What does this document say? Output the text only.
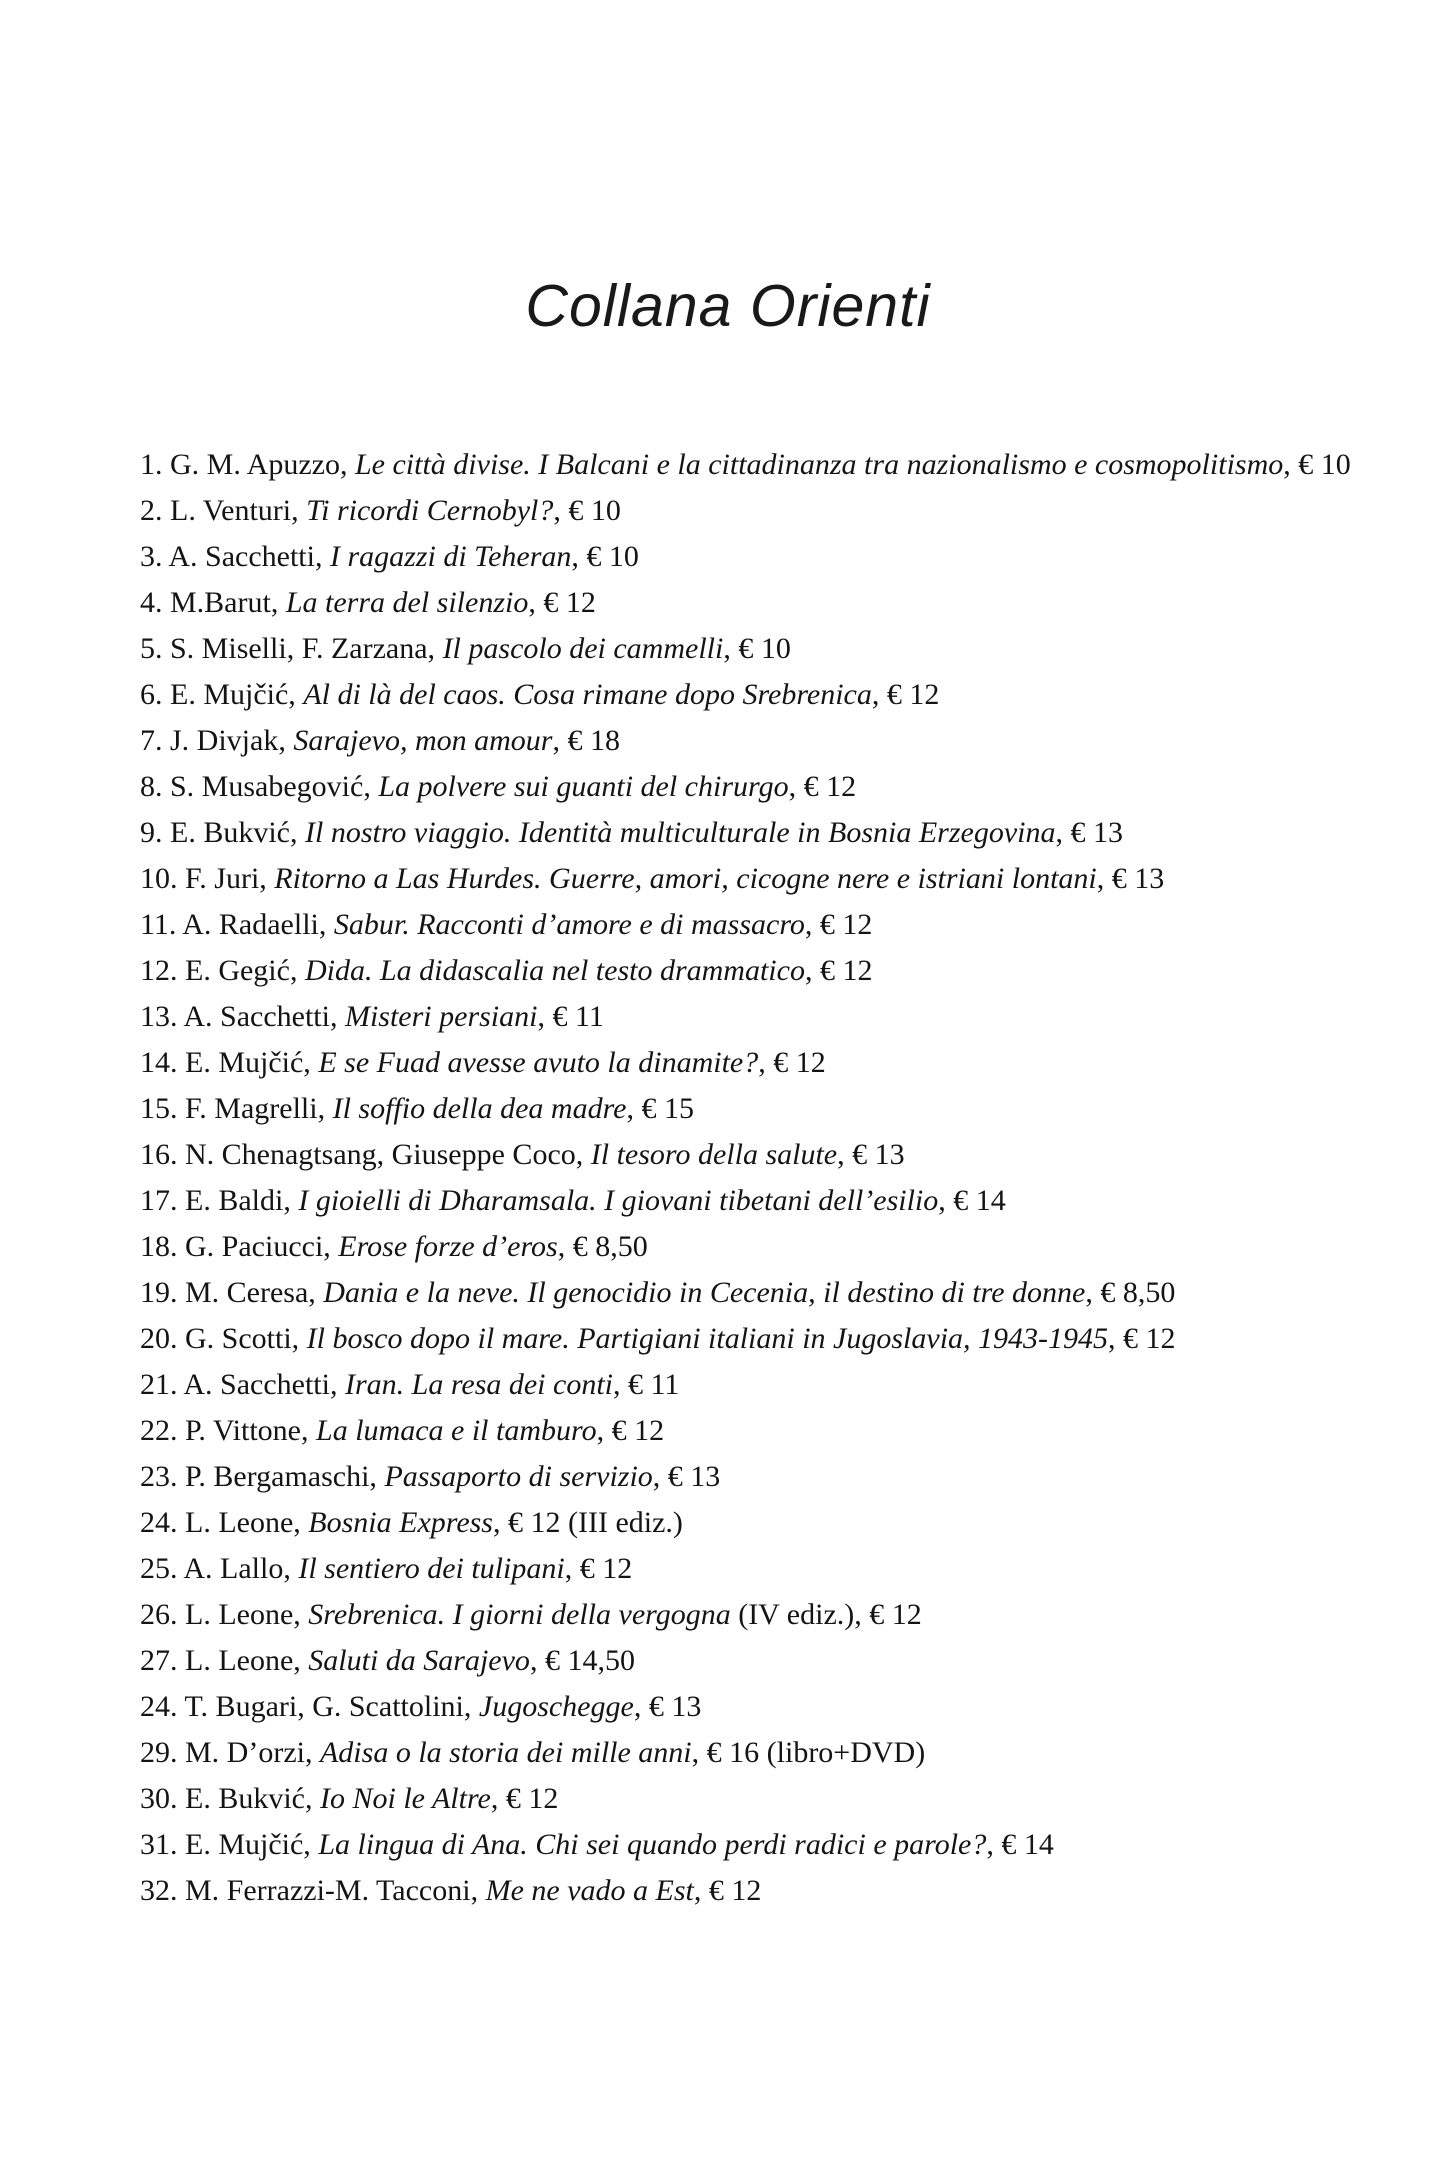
Collana Orienti
1. G. M. Apuzzo, Le città divise. I Balcani e la cittadinanza tra nazionalismo e cosmopolitismo, € 10
2. L. Venturi, Ti ricordi Cernobyl?, € 10
3. A. Sacchetti, I ragazzi di Teheran, € 10
4. M.Barut, La terra del silenzio, € 12
5. S. Miselli, F. Zarzana, Il pascolo dei cammelli, € 10
6. E. Mujčić, Al di là del caos. Cosa rimane dopo Srebrenica, € 12
7. J. Divjak, Sarajevo, mon amour, € 18
8. S. Musabegović, La polvere sui guanti del chirurgo, € 12
9. E. Bukvić, Il nostro viaggio. Identità multiculturale in Bosnia Erzegovina, € 13
10. F. Juri, Ritorno a Las Hurdes. Guerre, amori, cicogne nere e istriani lontani, € 13
11. A. Radaelli, Sabur. Racconti d’amore e di massacro, € 12
12. E. Gegić, Dida. La didascalia nel testo drammatico, € 12
13. A. Sacchetti, Misteri persiani, € 11
14. E. Mujčić, E se Fuad avesse avuto la dinamite?, € 12
15. F. Magrelli, Il soffio della dea madre, € 15
16. N. Chenagtsang, Giuseppe Coco, Il tesoro della salute, € 13
17. E. Baldi, I gioielli di Dharamsala. I giovani tibetani dell’esilio, € 14
18. G. Paciucci, Erose forze d’eros, € 8,50
19. M. Ceresa, Dania e la neve. Il genocidio in Cecenia, il destino di tre donne, € 8,50
20. G. Scotti, Il bosco dopo il mare. Partigiani italiani in Jugoslavia, 1943-1945, € 12
21. A. Sacchetti, Iran. La resa dei conti, € 11
22. P. Vittone, La lumaca e il tamburo, € 12
23. P. Bergamaschi, Passaporto di servizio, € 13
24. L. Leone, Bosnia Express, € 12 (III ediz.)
25. A. Lallo, Il sentiero dei tulipani, € 12
26. L. Leone, Srebrenica. I giorni della vergogna (IV ediz.), € 12
27. L. Leone, Saluti da Sarajevo, € 14,50
24. T. Bugari, G. Scattolini, Jugoschegge, € 13
29. M. D’orzi, Adisa o la storia dei mille anni, € 16 (libro+DVD)
30. E. Bukvić, Io Noi le Altre, € 12
31. E. Mujčić, La lingua di Ana. Chi sei quando perdi radici e parole?, € 14
32. M. Ferrazzi-M. Tacconi, Me ne vado a Est, € 12
